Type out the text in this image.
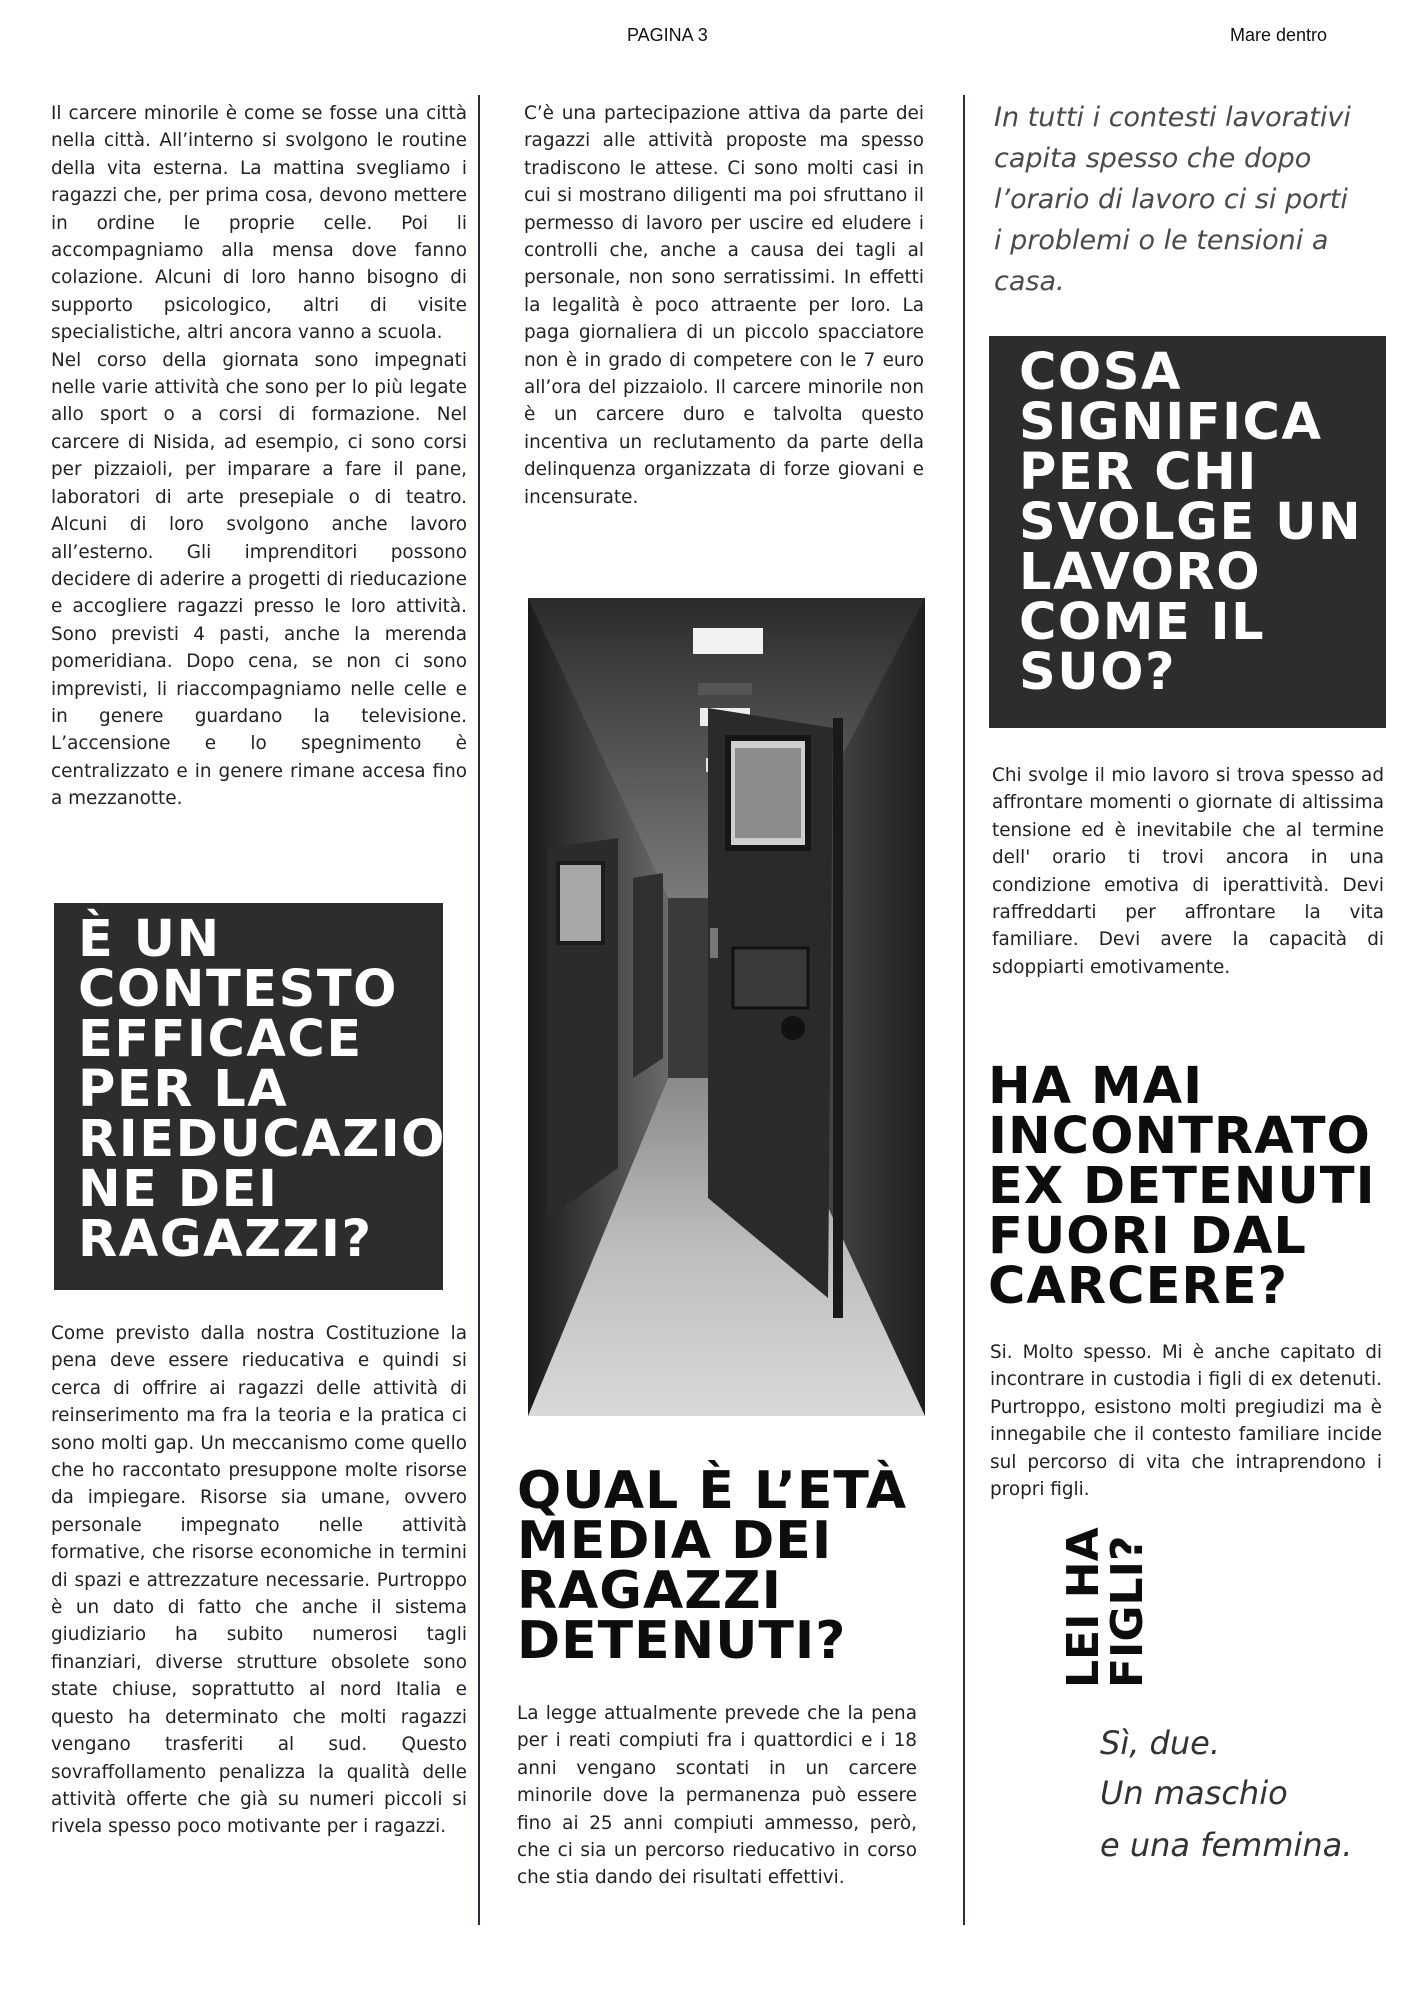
PAGINA 3	Mare dentro

Il carcere minorile è come se fosse una città nella città. All’interno si svolgono le routine della vita esterna. La mattina svegliamo i ragazzi che, per prima cosa, devono mettere in ordine le proprie celle. Poi li accompagniamo alla mensa dove fanno colazione. Alcuni di loro hanno bisogno di supporto psicologico, altri di visite specialistiche, altri ancora vanno a scuola.

Nel corso della giornata sono impegnati nelle varie attività che sono per lo più legate allo sport o a corsi di formazione. Nel carcere di Nisida, ad esempio, ci sono corsi per pizzaioli, per imparare a fare il pane, laboratori di arte presepiale o di teatro. Alcuni di loro svolgono anche lavoro all’esterno. Gli imprenditori possono decidere di aderire a progetti di rieducazione e accogliere ragazzi presso le loro attività. Sono previsti 4 pasti, anche la merenda pomeridiana. Dopo cena, se non ci sono imprevisti, li riaccompagniamo nelle celle e in genere guardano la televisione. L’accensione e lo spegnimento è centralizzato e in genere rimane accesa fino a mezzanotte.

È UN
CONTESTO
EFFICACE
PER LA
RIEDUCAZIO
NE DEI
RAGAZZI?

Come previsto dalla nostra Costituzione la pena deve essere rieducativa e quindi si cerca di offrire ai ragazzi delle attività di reinserimento ma fra la teoria e la pratica ci sono molti gap. Un meccanismo come quello che ho raccontato presuppone molte risorse da impiegare. Risorse sia umane, ovvero personale impegnato nelle attività formative, che risorse economiche in termini di spazi e attrezzature necessarie. Purtroppo è un dato di fatto che anche il sistema giudiziario ha subito numerosi tagli finanziari, diverse strutture obsolete sono state chiuse, soprattutto al nord Italia e questo ha determinato che molti ragazzi vengano trasferiti al sud. Questo sovraffollamento penalizza la qualità delle attività offerte che già su numeri piccoli si rivela spesso poco motivante per i ragazzi.

C’è una partecipazione attiva da parte dei ragazzi alle attività proposte ma spesso tradiscono le attese. Ci sono molti casi in cui si mostrano diligenti ma poi sfruttano il permesso di lavoro per uscire ed eludere i controlli che, anche a causa dei tagli al personale, non sono serratissimi. In effetti la legalità è poco attraente per loro. La paga giornaliera di un piccolo spacciatore non è in grado di competere con le 7 euro all’ora del pizzaiolo. Il carcere minorile non è un carcere duro e talvolta questo incentiva un reclutamento da parte della delinquenza organizzata di forze giovani e incensurate.

QUAL È L’ETÀ
MEDIA DEI
RAGAZZI
DETENUTI?

La legge attualmente prevede che la pena per i reati compiuti fra i quattordici e i 18 anni vengano scontati in un carcere minorile dove la permanenza può essere fino ai 25 anni compiuti ammesso, però, che ci sia un percorso rieducativo in corso che stia dando dei risultati effettivi.

In tutti i contesti lavorativi capita spesso che dopo l’orario di lavoro ci si porti i problemi o le tensioni a casa.

COSA
SIGNIFICA
PER CHI
SVOLGE UN
LAVORO
COME IL
SUO?

Chi svolge il mio lavoro si trova spesso ad affrontare momenti o giornate di altissima tensione ed è inevitabile che al termine dell' orario ti trovi ancora in una condizione emotiva di iperattività. Devi raffreddarti per affrontare la vita familiare. Devi avere la capacità di sdoppiarti emotivamente.

HA MAI
INCONTRATO
EX DETENUTI
FUORI DAL
CARCERE?

Si. Molto spesso. Mi è anche capitato di incontrare in custodia i figli di ex detenuti. Purtroppo, esistono molti pregiudizi ma è innegabile che il contesto familiare incide sul percorso di vita che intraprendono i propri figli.

LEI HA
FIGLI?
Sì, due.
Un maschio
e una femmina.
